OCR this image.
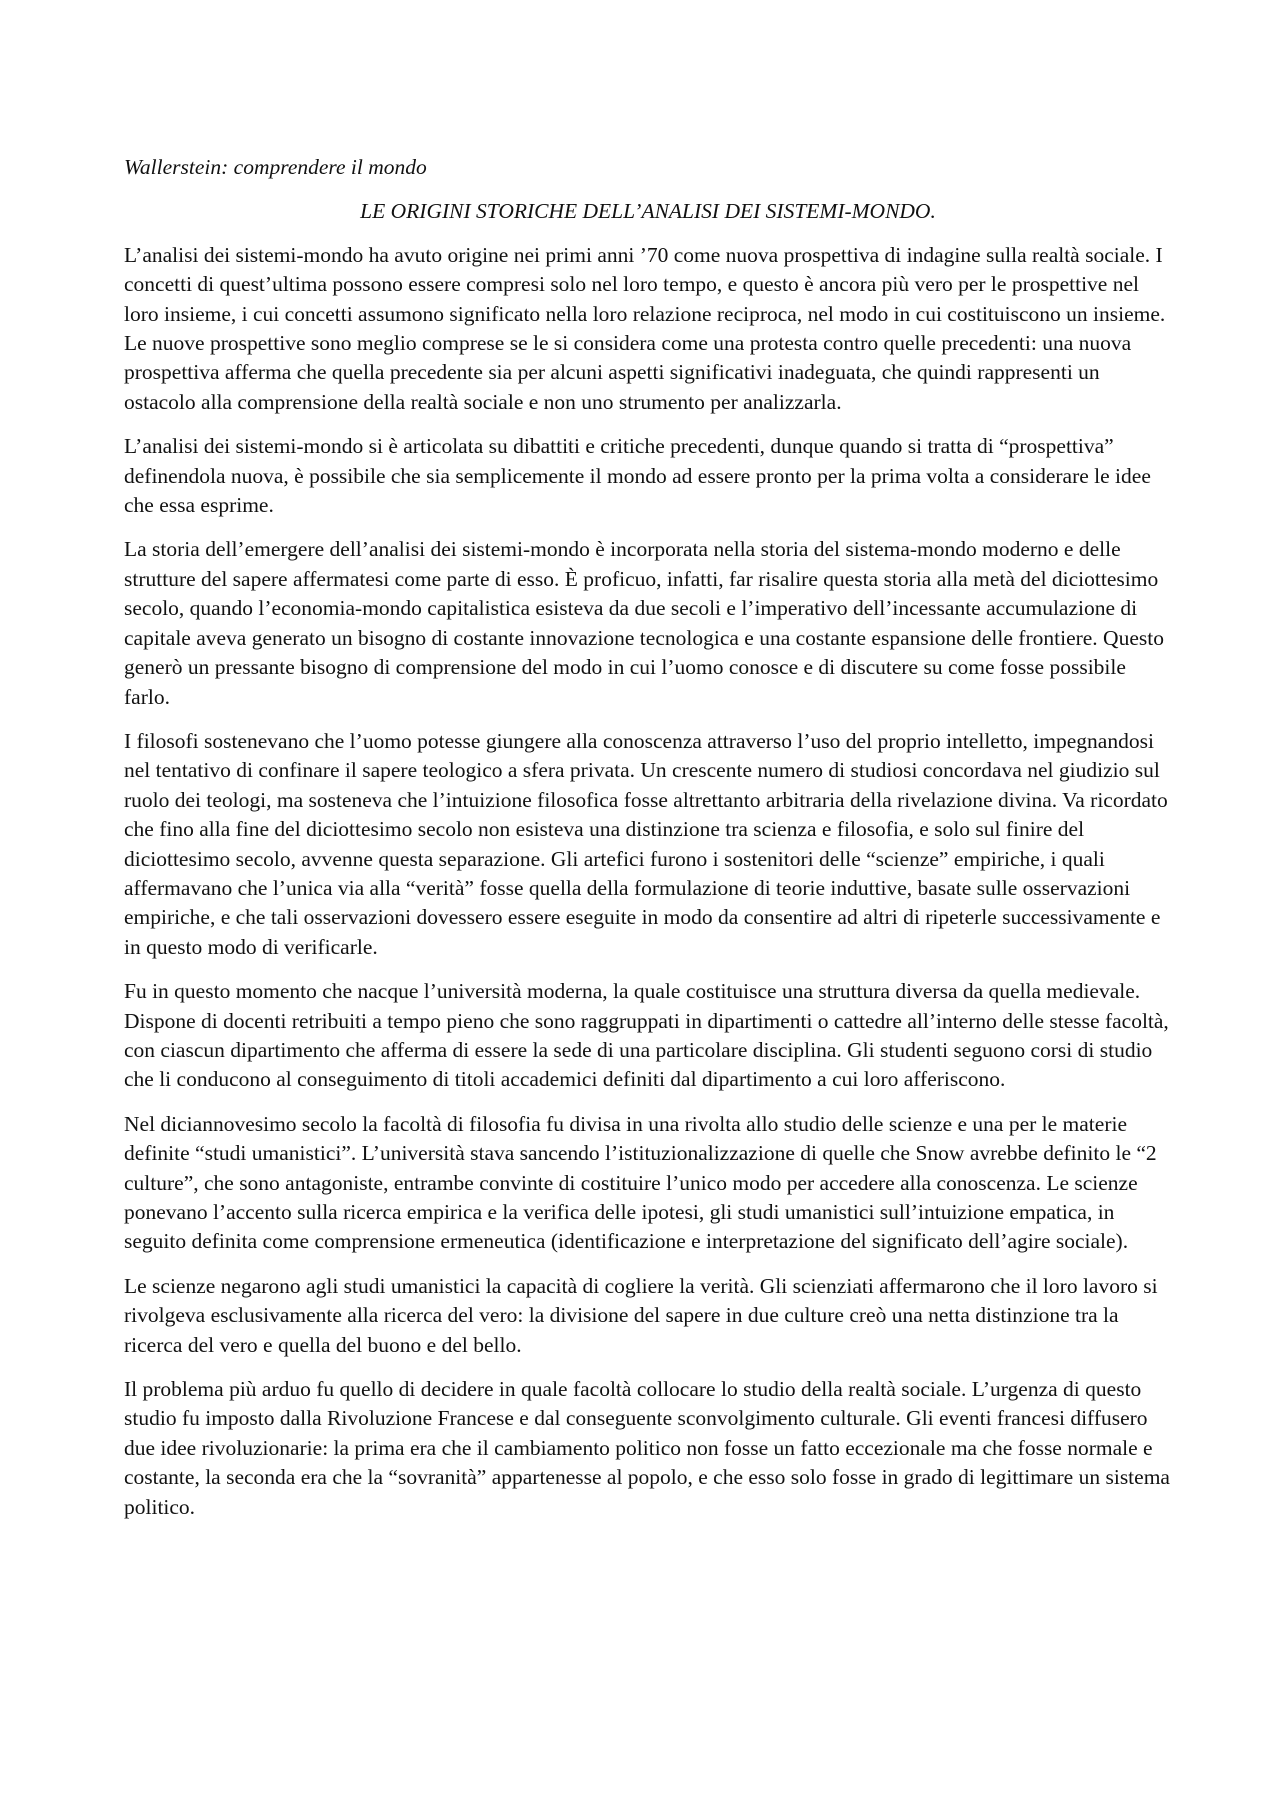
Wallerstein: comprendere il mondo

LE ORIGINI STORICHE DELL’ANALISI DEI SISTEMI-MONDO.

L’analisi dei sistemi-mondo ha avuto origine nei primi anni ’70 come nuova prospettiva di indagine sulla realtà sociale. I concetti di quest’ultima possono essere compresi solo nel loro tempo, e questo è ancora più vero per le prospettive nel loro insieme, i cui concetti assumono significato nella loro relazione reciproca, nel modo in cui costituiscono un insieme. Le nuove prospettive sono meglio comprese se le si considera come una protesta contro quelle precedenti: una nuova prospettiva afferma che quella precedente sia per alcuni aspetti significativi inadeguata, che quindi rappresenti un ostacolo alla comprensione della realtà sociale e non uno strumento per analizzarla.

L’analisi dei sistemi-mondo si è articolata su dibattiti e critiche precedenti, dunque quando si tratta di “prospettiva” definendola nuova, è possibile che sia semplicemente il mondo ad essere pronto per la prima volta a considerare le idee che essa esprime.

La storia dell’emergere dell’analisi dei sistemi-mondo è incorporata nella storia del sistema-mondo moderno e delle strutture del sapere affermatesi come parte di esso. È proficuo, infatti, far risalire questa storia alla metà del diciottesimo secolo, quando l’economia-mondo capitalistica esisteva da due secoli e l’imperativo dell’incessante accumulazione di capitale aveva generato un bisogno di costante innovazione tecnologica e una costante espansione delle frontiere. Questo generò un pressante bisogno di comprensione del modo in cui l’uomo conosce e di discutere su come fosse possibile farlo.

I filosofi sostenevano che l’uomo potesse giungere alla conoscenza attraverso l’uso del proprio intelletto, impegnandosi nel tentativo di confinare il sapere teologico a sfera privata. Un crescente numero di studiosi concordava nel giudizio sul ruolo dei teologi, ma sosteneva che l’intuizione filosofica fosse altrettanto arbitraria della rivelazione divina. Va ricordato che fino alla fine del diciottesimo secolo non esisteva una distinzione tra scienza e filosofia, e solo sul finire del diciottesimo secolo, avvenne questa separazione. Gli artefici furono i sostenitori delle “scienze” empiriche, i quali affermavano che l’unica via alla “verità” fosse quella della formulazione di teorie induttive, basate sulle osservazioni empiriche, e che tali osservazioni dovessero essere eseguite in modo da consentire ad altri di ripeterle successivamente e in questo modo di verificarle.

Fu in questo momento che nacque l’università moderna, la quale costituisce una struttura diversa da quella medievale. Dispone di docenti retribuiti a tempo pieno che sono raggruppati in dipartimenti o cattedre all’interno delle stesse facoltà, con ciascun dipartimento che afferma di essere la sede di una particolare disciplina. Gli studenti seguono corsi di studio che li conducono al conseguimento di titoli accademici definiti dal dipartimento a cui loro afferiscono.

Nel diciannovesimo secolo la facoltà di filosofia fu divisa in una rivolta allo studio delle scienze e una per le materie definite “studi umanistici”. L’università stava sancendo l’istituzionalizzazione di quelle che Snow avrebbe definito le “2 culture”, che sono antagoniste, entrambe convinte di costituire l’unico modo per accedere alla conoscenza. Le scienze ponevano l’accento sulla ricerca empirica e la verifica delle ipotesi, gli studi umanistici sull’intuizione empatica, in seguito definita come comprensione ermeneutica (identificazione e interpretazione del significato dell’agire sociale).

Le scienze negarono agli studi umanistici la capacità di cogliere la verità. Gli scienziati affermarono che il loro lavoro si rivolgeva esclusivamente alla ricerca del vero: la divisione del sapere in due culture creò una netta distinzione tra la ricerca del vero e quella del buono e del bello.

Il problema più arduo fu quello di decidere in quale facoltà collocare lo studio della realtà sociale. L’urgenza di questo studio fu imposto dalla Rivoluzione Francese e dal conseguente sconvolgimento culturale. Gli eventi francesi diffusero due idee rivoluzionarie: la prima era che il cambiamento politico non fosse un fatto eccezionale ma che fosse normale e costante, la seconda era che la “sovranità” appartenesse al popolo, e che esso solo fosse in grado di legittimare un sistema politico.
